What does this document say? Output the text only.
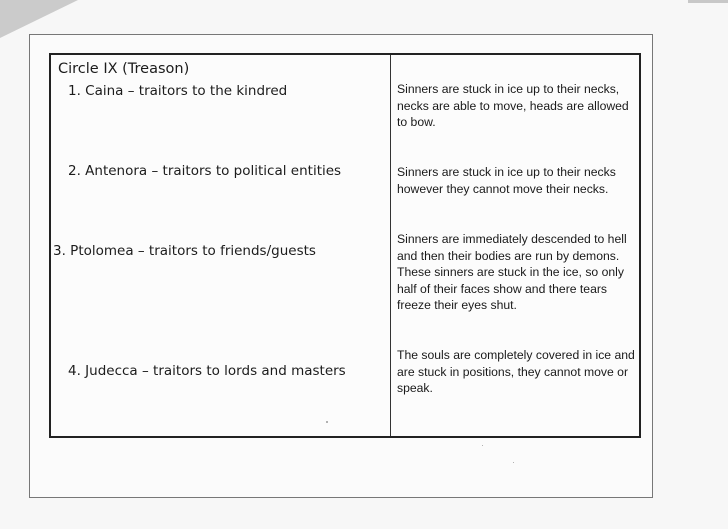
Circle IX (Treason)
1. Caina – traitors to the kindred	Sinners are stuck in ice up to their necks, necks are able to move, heads are allowed to bow.
2. Antenora – traitors to political entities	Sinners are stuck in ice up to their necks however they cannot move their necks.
3. Ptolomea – traitors to friends/guests
Sinners are immediately descended to hell and then their bodies are run by demons. These sinners are stuck in the ice, so only half of their faces show and there tears freeze their eyes shut.
4. Judecca – traitors to lords and masters
The souls are completely covered in ice and are stuck in positions, they cannot move or speak.
